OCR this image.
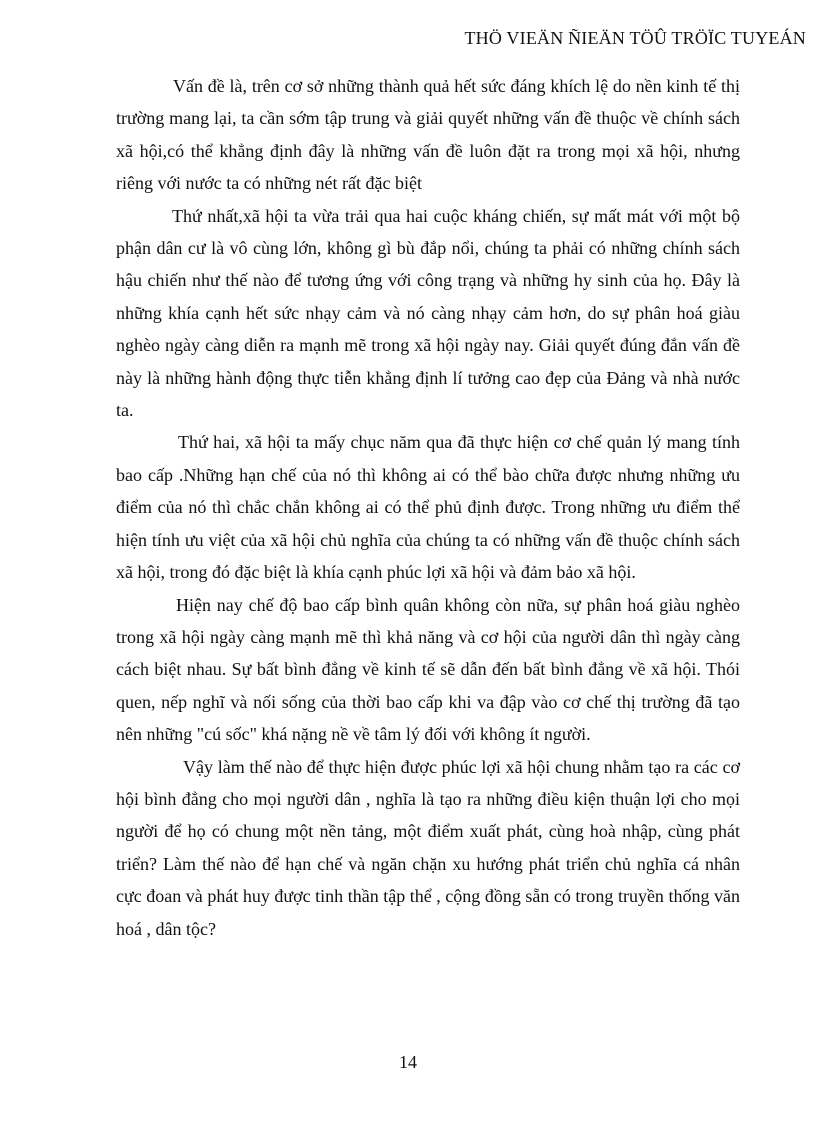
THÖ VIEÄN ÑIEÄN TÖÛ TRÖÏC TUYEÁN

Vấn đề là, trên cơ sở những thành quả hết sức đáng khích lệ do nền kinh tế thị trường mang lại, ta cần sớm tập trung và giải quyết những vấn đề thuộc về chính sách xã hội,có thể khẳng định đây là những vấn đề luôn đặt ra trong mọi xã hội, nhưng riêng với nước ta có những nét rất đặc biệt

Thứ nhất,xã hội ta vừa trải qua hai cuộc kháng chiến, sự mất mát với một bộ phận dân cư là vô cùng lớn, không gì bù đắp nổi, chúng ta phải có những chính sách hậu chiến như thế nào để tương ứng với công trạng và những hy sinh của họ. Đây là những khía cạnh hết sức nhạy cảm và nó càng nhạy cảm hơn, do sự phân hoá giàu nghèo ngày càng diễn ra mạnh mẽ trong xã hội ngày nay. Giải quyết đúng đắn vấn đề này là những hành động thực tiễn khẳng định lí tưởng cao đẹp của Đảng và nhà nước ta.

Thứ hai, xã hội ta mấy chục năm qua đã thực hiện cơ chế quản lý mang tính bao cấp .Những hạn chế của nó thì không ai có thể bào chữa được nhưng những ưu điểm của nó thì chắc chắn không ai có thể phủ định được. Trong những ưu điểm thể hiện tính ưu việt của xã hội chủ nghĩa của chúng ta có những vấn đề thuộc chính sách xã hội, trong đó đặc biệt là khía cạnh phúc lợi xã hội và đảm bảo xã hội.

Hiện nay chế độ bao cấp bình quân không còn nữa, sự phân hoá giàu nghèo trong xã hội ngày càng mạnh mẽ thì khả năng và cơ hội của người dân thì ngày càng cách biệt nhau. Sự bất bình đẳng về kinh tế sẽ dẫn đến bất bình đẳng về xã hội. Thói quen, nếp nghĩ và nối sống của thời bao cấp khi va đập vào cơ chế thị trường đã tạo nên những "cú sốc" khá nặng nề về tâm lý đối với không ít người.

Vậy làm thế nào để thực hiện được phúc lợi xã hội chung nhằm tạo ra các cơ hội bình đẳng cho mọi người dân , nghĩa là tạo ra những điều kiện thuận lợi cho mọi người để họ có chung một nền tảng, một điểm xuất phát, cùng hoà nhập, cùng phát triển? Làm thế nào để hạn chế và ngăn chặn xu hướng phát triển chủ nghĩa cá nhân cực đoan và phát huy được tinh thần tập thể , cộng đồng sẵn có trong truyền thống văn hoá , dân tộc?

14
